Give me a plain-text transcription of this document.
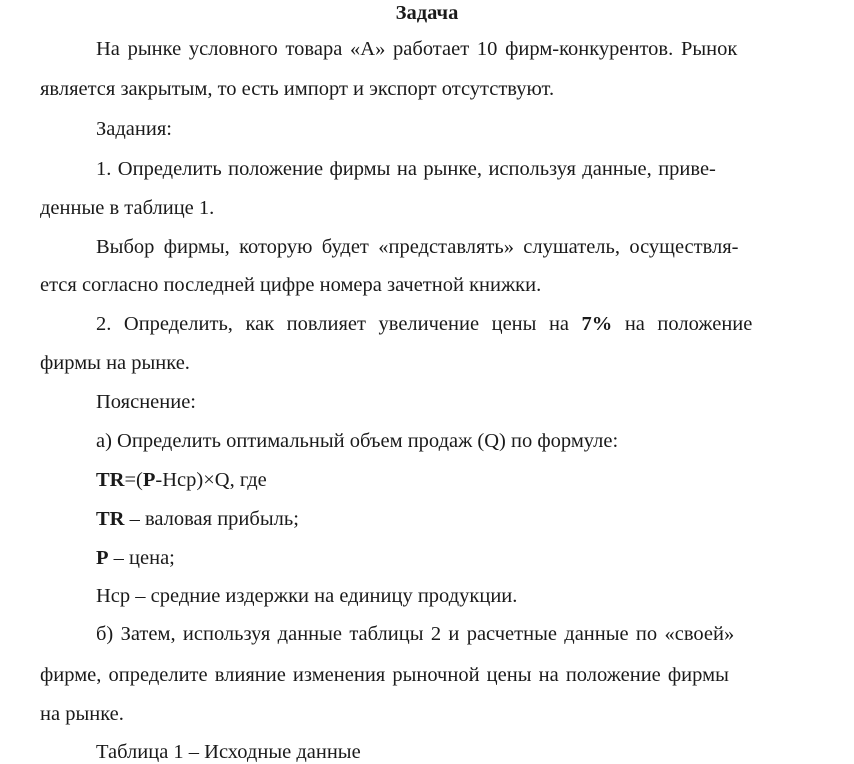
Задача
На рынке условного товара «А» работает 10 фирм-конкурентов. Рынок
является закрытым, то есть импорт и экспорт отсутствуют.
Задания:
1. Определить положение фирмы на рынке, используя данные, приве-
денные в таблице 1.
Выбор фирмы, которую будет «представлять» слушатель, осуществля-
ется согласно последней цифре номера зачетной книжки.
2. Определить, как повлияет увеличение цены на 7% на положение
фирмы на рынке.
Пояснение:
а) Определить оптимальный объем продаж (Q) по формуле:
TR=(P-Нср)×Q, где
TR – валовая прибыль;
P – цена;
Нср – средние издержки на единицу продукции.
б) Затем, используя данные таблицы 2 и расчетные данные по «своей»
фирме, определите влияние изменения рыночной цены на положение фирмы
на рынке.
Таблица 1 – Исходные данные
